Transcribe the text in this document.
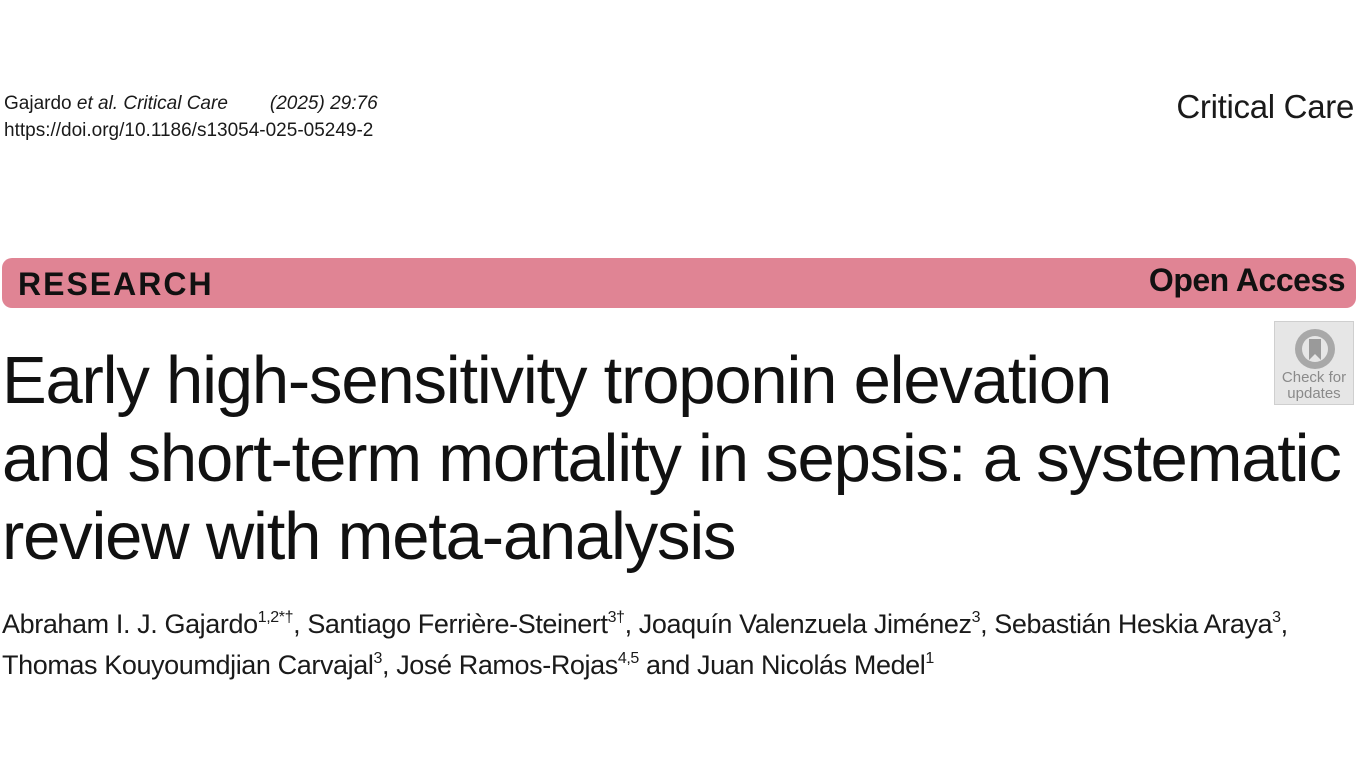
Gajardo et al. Critical Care (2025) 29:76
https://doi.org/10.1186/s13054-025-05249-2
Critical Care
RESEARCH	Open Access
Check for
updates
Early high-sensitivity troponin elevation
and short-term mortality in sepsis: a systematic
review with meta-analysis
Abraham I. J. Gajardo$^{1,2*\dagger}$, Santiago Ferrière-Steinert$^{3\dagger}$, Joaquín Valenzuela Jiménez$^3$, Sebastián Heskia Araya$^3$,
Thomas Kouyoumdjian Carvajal$^3$, José Ramos-Rojas$^{4,5}$ and Juan Nicolás Medel$^1$
